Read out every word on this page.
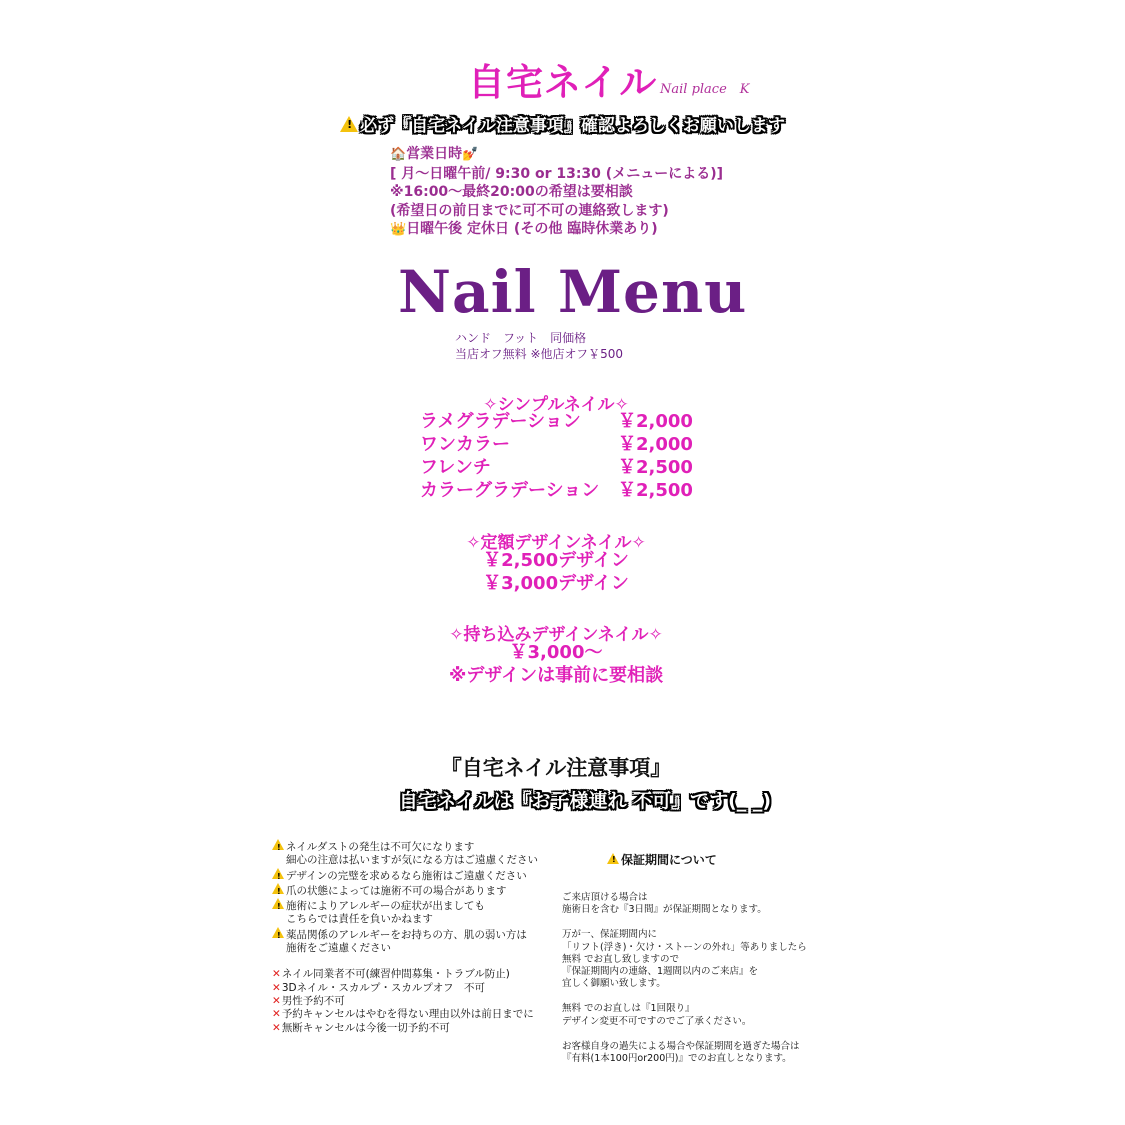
自宅ネイル Nail place　K
!必ず『自宅ネイル注意事項』確認よろしくお願いします
🏠営業日時💅
[ 月〜日曜午前/ 9:30 or 13:30 (メニューによる)]
※16:00〜最終20:00の希望は要相談
(希望日の前日までに可不可の連絡致します)
👑日曜午後 定休日 (その他 臨時休業あり)
Nail Menu
ハンド　フット　同価格
当店オフ無料 ※他店オフ￥500
✧シンプルネイル✧
ラメグラデーション	￥2,000
ワンカラー	￥2,000
フレンチ	￥2,500
カラーグラデーション	￥2,500
✧定額デザインネイル✧
￥2,500デザイン
￥3,000デザイン
✧持ち込みデザインネイル✧
￥3,000〜
※デザインは事前に要相談
『自宅ネイル注意事項』
自宅ネイルは『お子様連れ 不可』です(_ _)
!ネイルダストの発生は不可欠になります
細心の注意は払いますが気になる方はご遠慮ください
!デザインの完璧を求めるなら施術はご遠慮ください
!爪の状態によっては施術不可の場合があります
!施術によりアレルギーの症状が出ましても
こちらでは責任を負いかねます
!薬品関係のアレルギーをお持ちの方、肌の弱い方は
施術をご遠慮ください
✕ネイル同業者不可(練習仲間募集・トラブル防止)
✕3Dネイル・スカルプ・スカルプオフ　不可
✕男性予約不可
✕予約キャンセルはやむを得ない理由以外は前日までに
✕無断キャンセルは今後一切予約不可
!保証期間について
ご来店頂ける場合は
施術日を含む『3日間』が保証期間となります。
万が一、保証期間内に
「リフト(浮き)・欠け・ストーンの外れ」等ありましたら
無料 でお直し致しますので
『保証期間内の連絡、1週間以内のご来店』を
宜しく御願い致します。
無料 でのお直しは『1回限り』
デザイン変更不可ですのでご了承ください。
お客様自身の過失による場合や保証期間を過ぎた場合は
『有料(1本100円or200円)』でのお直しとなります。
